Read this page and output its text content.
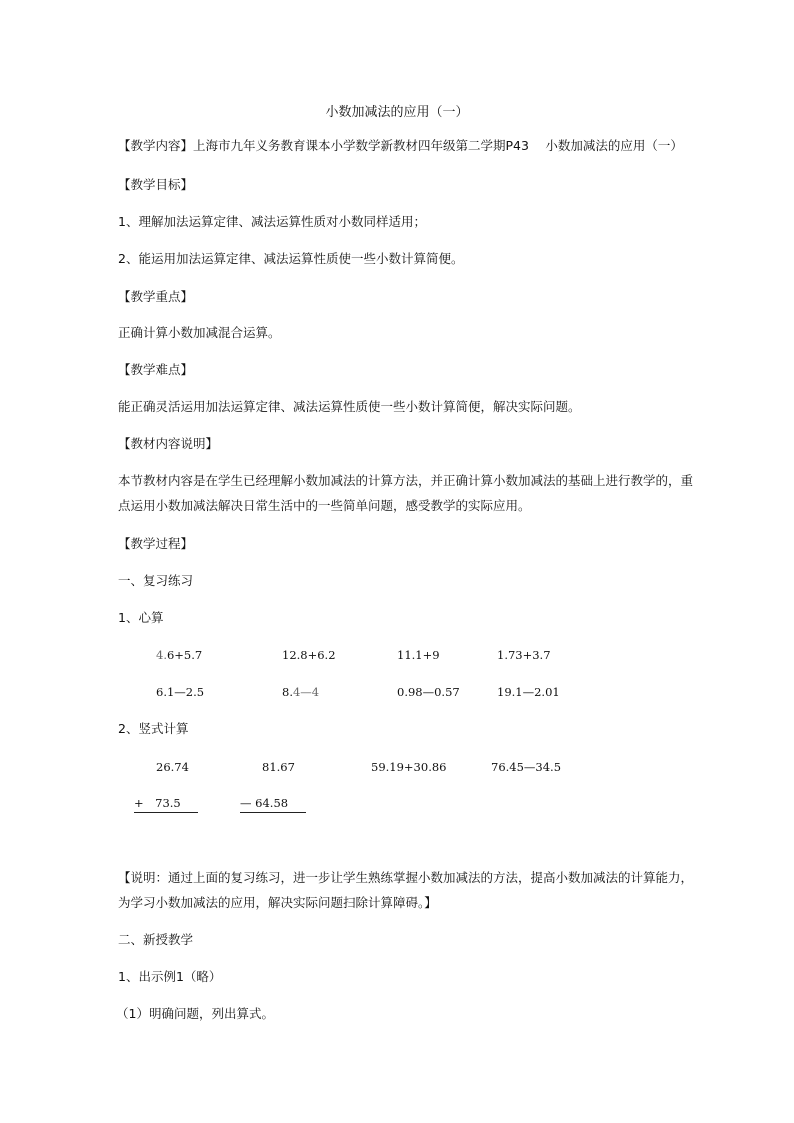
小数加减法的应用（一）
【教学内容】上海市九年义务教育课本小学数学新教材四年级第二学期P43　 小数加减法的应用（一）
【教学目标】
1、理解加法运算定律、减法运算性质对小数同样适用；
2、能运用加法运算定律、减法运算性质使一些小数计算简便。
【教学重点】
正确计算小数加减混合运算。
【教学难点】
能正确灵活运用加法运算定律、减法运算性质使一些小数计算简便，解决实际问题。
【教材内容说明】
本节教材内容是在学生已经理解小数加减法的计算方法，并正确计算小数加减法的基础上进行教学的，重
点运用小数加减法解决日常生活中的一些简单问题，感受教学的实际应用。
【教学过程】
一、复习练习
1、心算
4.6+5.7	12.8+6.2	11.1+9	1.73+3.7
6.1—2.5	8.4—4	0.98—0.57	19.1—2.01
2、竖式计算
26.74	81.67	59.19+30.86	76.45—34.5
+　73.5　	— 64.58　
【说明：通过上面的复习练习，进一步让学生熟练掌握小数加减法的方法，提高小数加减法的计算能力，
为学习小数加减法的应用，解决实际问题扫除计算障碍。】
二、新授教学
1、出示例1（略）
（1）明确问题，列出算式。
